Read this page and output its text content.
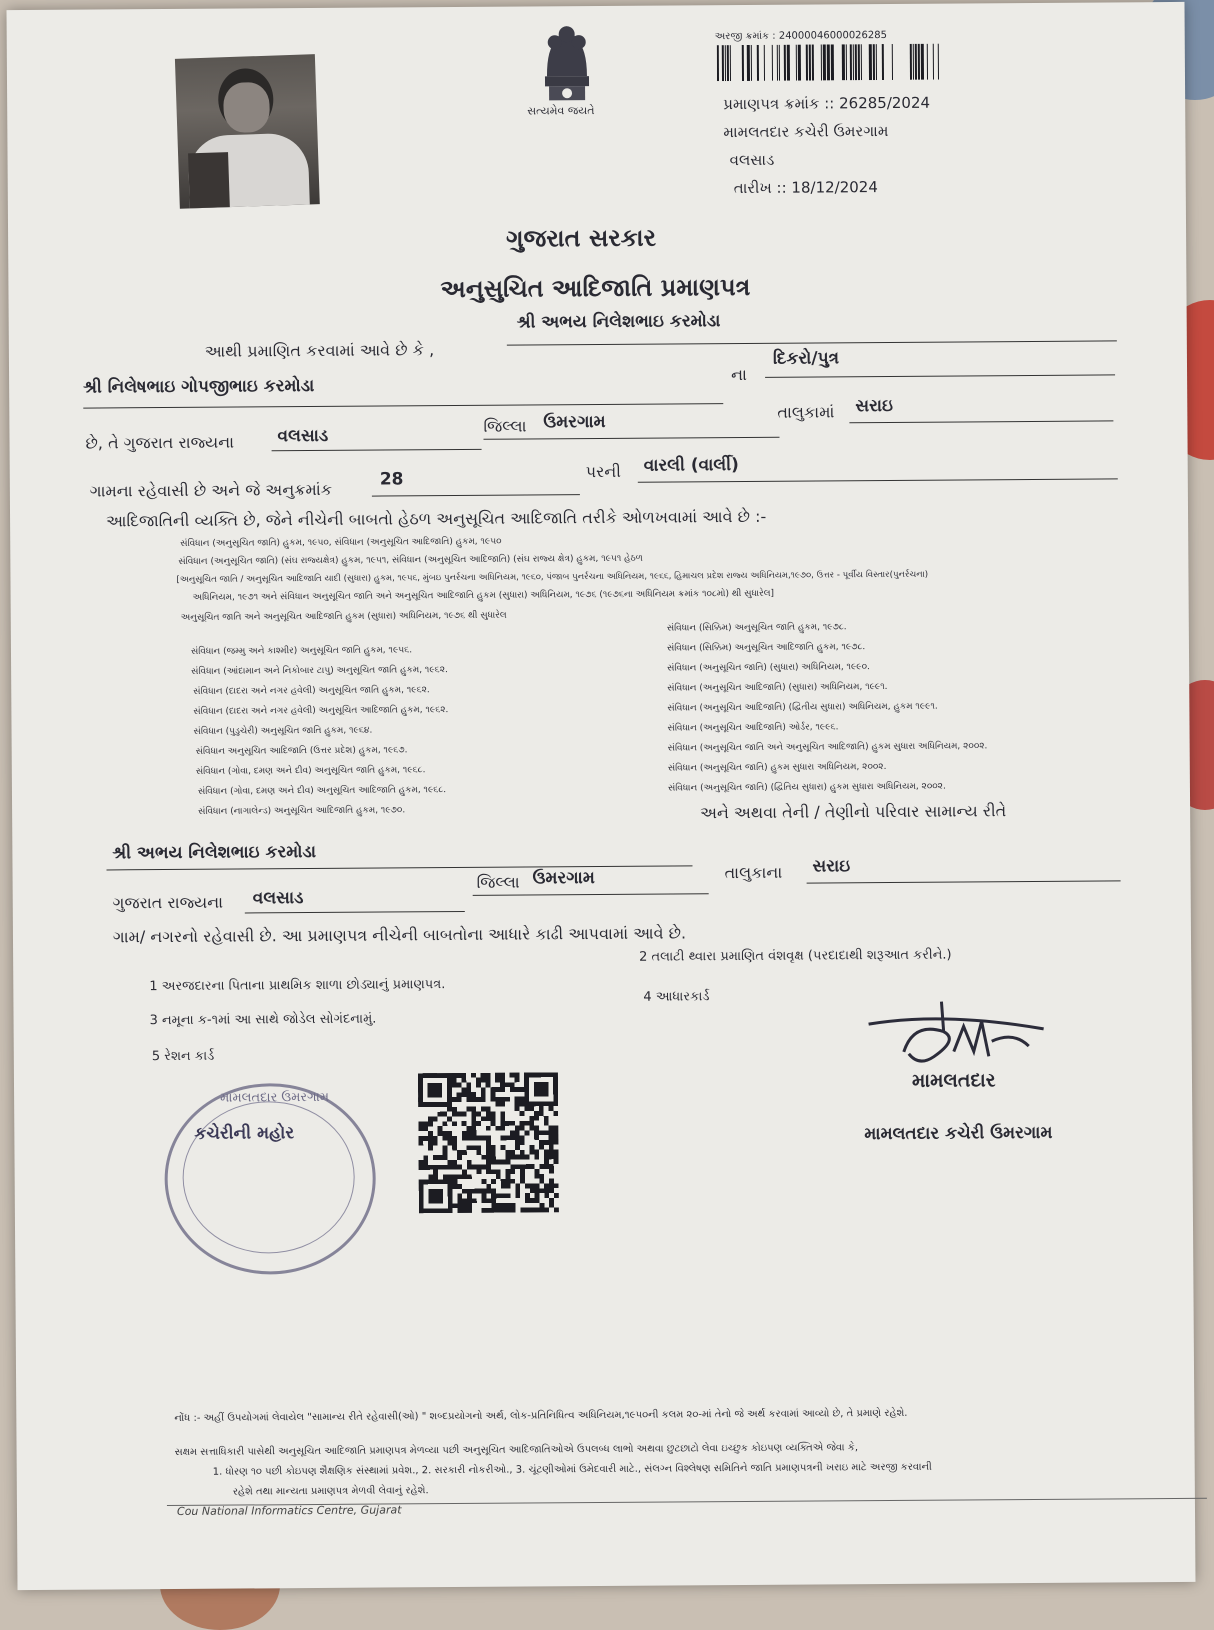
સત્યમેવ જયતે
અરજી ક્રમાંક : 24000046000026285
પ્રમાણપત્ર ક્રમાંક :: 26285/2024
મામલતદાર કચેરી ઉમરગામ
વલસાડ
તારીખ :: 18/12/2024
ગુજરાત સરકાર
અનુસુચિત આદિજાતિ પ્રમાણપત્ર
આથી પ્રમાણિત કરવામાં આવે છે કે ,
શ્રી અભય નિલેશભાઇ કરમોડા
શ્રી નિલેષભાઇ ગોપજીભાઇ કરમોડા
ના
દિકરો/પુત્ર
છે, તે ગુજરાત રાજ્યના	વલસાડ	જિલ્લા ઉમરગામ	તાલુકામાં સરાઇ
ગામના રહેવાસી છે અને જે અનુક્રમાંક
28	પરની વારલી (વાર્લી)
આદિજાતિની વ્યક્તિ છે, જેને નીચેની બાબતો હેઠળ અનુસૂચિત આદિજાતિ તરીકે ઓળખવામાં આવે છે :-
સંવિધાન (અનુસૂચિત જાતિ) હુકમ, ૧૯૫૦, સંવિધાન (અનુસૂચિત આદિજાતિ) હુકમ, ૧૯૫૦
સંવિધાન (અનુસૂચિત જાતિ) (સંઘ રાજ્યક્ષેત્ર) હુકમ, ૧૯૫૧, સંવિધાન (અનુસૂચિત આદિજાતિ) (સંઘ રાજ્ય ક્ષેત્ર) હુકમ, ૧૯૫૧ હેઠળ
[અનુસૂચિત જાતિ / અનુસૂચિત આદિજાતિ યાદી (સુધારા) હુકમ, ૧૯૫૬, મુંબઇ પુનર્રચના અધિનિયમ, ૧૯૬૦, પંજાબ પુનર્રચના અધિનિયમ, ૧૯૬૬, હિમાચલ પ્રદેશ રાજ્ય અધિનિયમ,૧૯૭૦, ઉત્તર - પૂર્વીય વિસ્તાર(પુનર્રચના)
અધિનિયમ, ૧૯૭૧ અને સંવિધાન અનુસૂચિત જાતિ અને અનુસૂચિત આદિજાતિ હુકમ (સુધારા) અધિનિયમ, ૧૯૭૬ (૧૯૭૬ના અધિનિયમ ક્રમાંક ૧૦૮મો) થી સુધારેલ]
અનુસૂચિત જાતિ અને અનુસૂચિત આદિજાતિ હુકમ (સુધારા) અધિનિયમ, ૧૯૭૬ થી સુધારેલ
સંવિધાન (જમ્મુ અને કાશ્મીર) અનુસૂચિત જાતિ હુકમ, ૧૯૫૬.
સંવિધાન (આંદામાન અને નિકોબાર ટાપુ) અનુસૂચિત જાતિ હુકમ, ૧૯૬૨.
સંવિધાન (દાદરા અને નગર હવેલી) અનુસૂચિત જાતિ હુકમ, ૧૯૬૨.
સંવિધાન (દાદરા અને નગર હવેલી) અનુસૂચિત આદિજાતિ હુકમ, ૧૯૬૨.
સંવિધાન (પુડુચેરી) અનુસૂચિત જાતિ હુકમ, ૧૯૬૪.
સંવિધાન અનુસૂચિત આદિજાતિ (ઉત્તર પ્રદેશ) હુકમ, ૧૯૬૭.
સંવિધાન (ગોવા, દમણ અને દીવ) અનુસૂચિત જાતિ હુકમ, ૧૯૬૮.
સંવિધાન (ગોવા, દમણ અને દીવ) અનુસૂચિત આદિજાતિ હુકમ, ૧૯૬૮.
સંવિધાન (નાગાલેન્ડ) અનુસૂચિત આદિજાતિ હુકમ, ૧૯૭૦.
સંવિધાન (સિક્કિમ) અનુસૂચિત જાતિ હુકમ, ૧૯૭૮.
સંવિધાન (સિક્કિમ) અનુસૂચિત આદિજાતિ હુકમ, ૧૯૭૮.
સંવિધાન (અનુસૂચિત જાતિ) (સુધારા) અધિનિયમ, ૧૯૯૦.
સંવિધાન (અનુસૂચિત આદિજાતિ) (સુધારા) અધિનિયમ, ૧૯૯૧.
સંવિધાન (અનુસૂચિત આદિજાતિ) (દ્વિતીય સુધારા) અધિનિયમ, હુકમ ૧૯૯૧.
સંવિધાન (અનુસૂચિત આદિજાતિ) ઓર્ડર, ૧૯૯૬.
સંવિધાન (અનુસૂચિત જાતિ અને અનુસૂચિત આદિજાતિ) હુકમ સુધારા અધિનિયમ, ૨૦૦૨.
સંવિધાન (અનુસૂચિત જાતિ) હુકમ સુધારા અધિનિયમ, ૨૦૦૨.
સંવિધાન (અનુસૂચિત જાતિ) (દ્વિતિય સુધારા) હુકમ સુધારા અધિનિયમ, ૨૦૦૨.
અને અથવા તેની / તેણીનો પરિવાર સામાન્ય રીતે
શ્રી અભય નિલેશભાઇ કરમોડા
ગુજરાત રાજ્યના વલસાડ
જિલ્લા ઉમરગામ	તાલુકાના સરાઇ
ગામ/ નગરનો રહેવાસી છે. આ પ્રમાણપત્ર નીચેની બાબતોના આધારે કાઢી આપવામાં આવે છે.
2 તલાટી થ્વારા પ્રમાણિત વંશવૃક્ષ (પરદાદાથી શરૂઆત કરીને.)
1 અરજદારના પિતાના પ્રાથમિક શાળા છોડ્યાનું પ્રમાણપત્ર.
4 આધારકાર્ડ
3 નમૂના ક-૧માં આ સાથે જોડેલ સોગંદનામું.
5 રેશન કાર્ડ
મામલતદાર
મામલતદાર કચેરી ઉમરગામ
મામલતદાર ઉમરગામ
કચેરીની મહોર
નોંધ :- અહીં ઉપયોગમાં લેવાયેલ "સામાન્ય રીતે રહેવાસી(ઓ) " શબ્દપ્રયોગનો અર્થ, લોક-પ્રતિનિધિત્વ અધિનિયમ,૧૯૫૦ની કલમ ૨૦-માં તેનો જે અર્થ કરવામાં આવ્યો છે, તે પ્રમાણે રહેશે.
સક્ષમ સત્તાધિકારી પાસેથી અનુસૂચિત આદિજાતિ પ્રમાણપત્ર મેળવ્યા પછી અનુસૂચિત આદિજાતિઓએ ઉપલબ્ધ લાભો અથવા છુટછાટો લેવા ઇચ્છુક કોઇપણ વ્યક્તિએ જેવા કે,
1. ધોરણ ૧૦ પછી કોઇપણ શૈક્ષણિક સંસ્થામાં પ્રવેશ., 2. સરકારી નોકરીઓ., 3. ચૂંટણીઓમાં ઉમેદવારી માટે., સંલગ્ન વિશ્લેષણ સમિતિને જાતિ પ્રમાણપત્રની ખરાઇ માટે અરજી કરવાની
રહેશે તથા માન્યતા પ્રમાણપત્ર મેળવી લેવાનું રહેશે.
Cou National Informatics Centre, Gujarat
